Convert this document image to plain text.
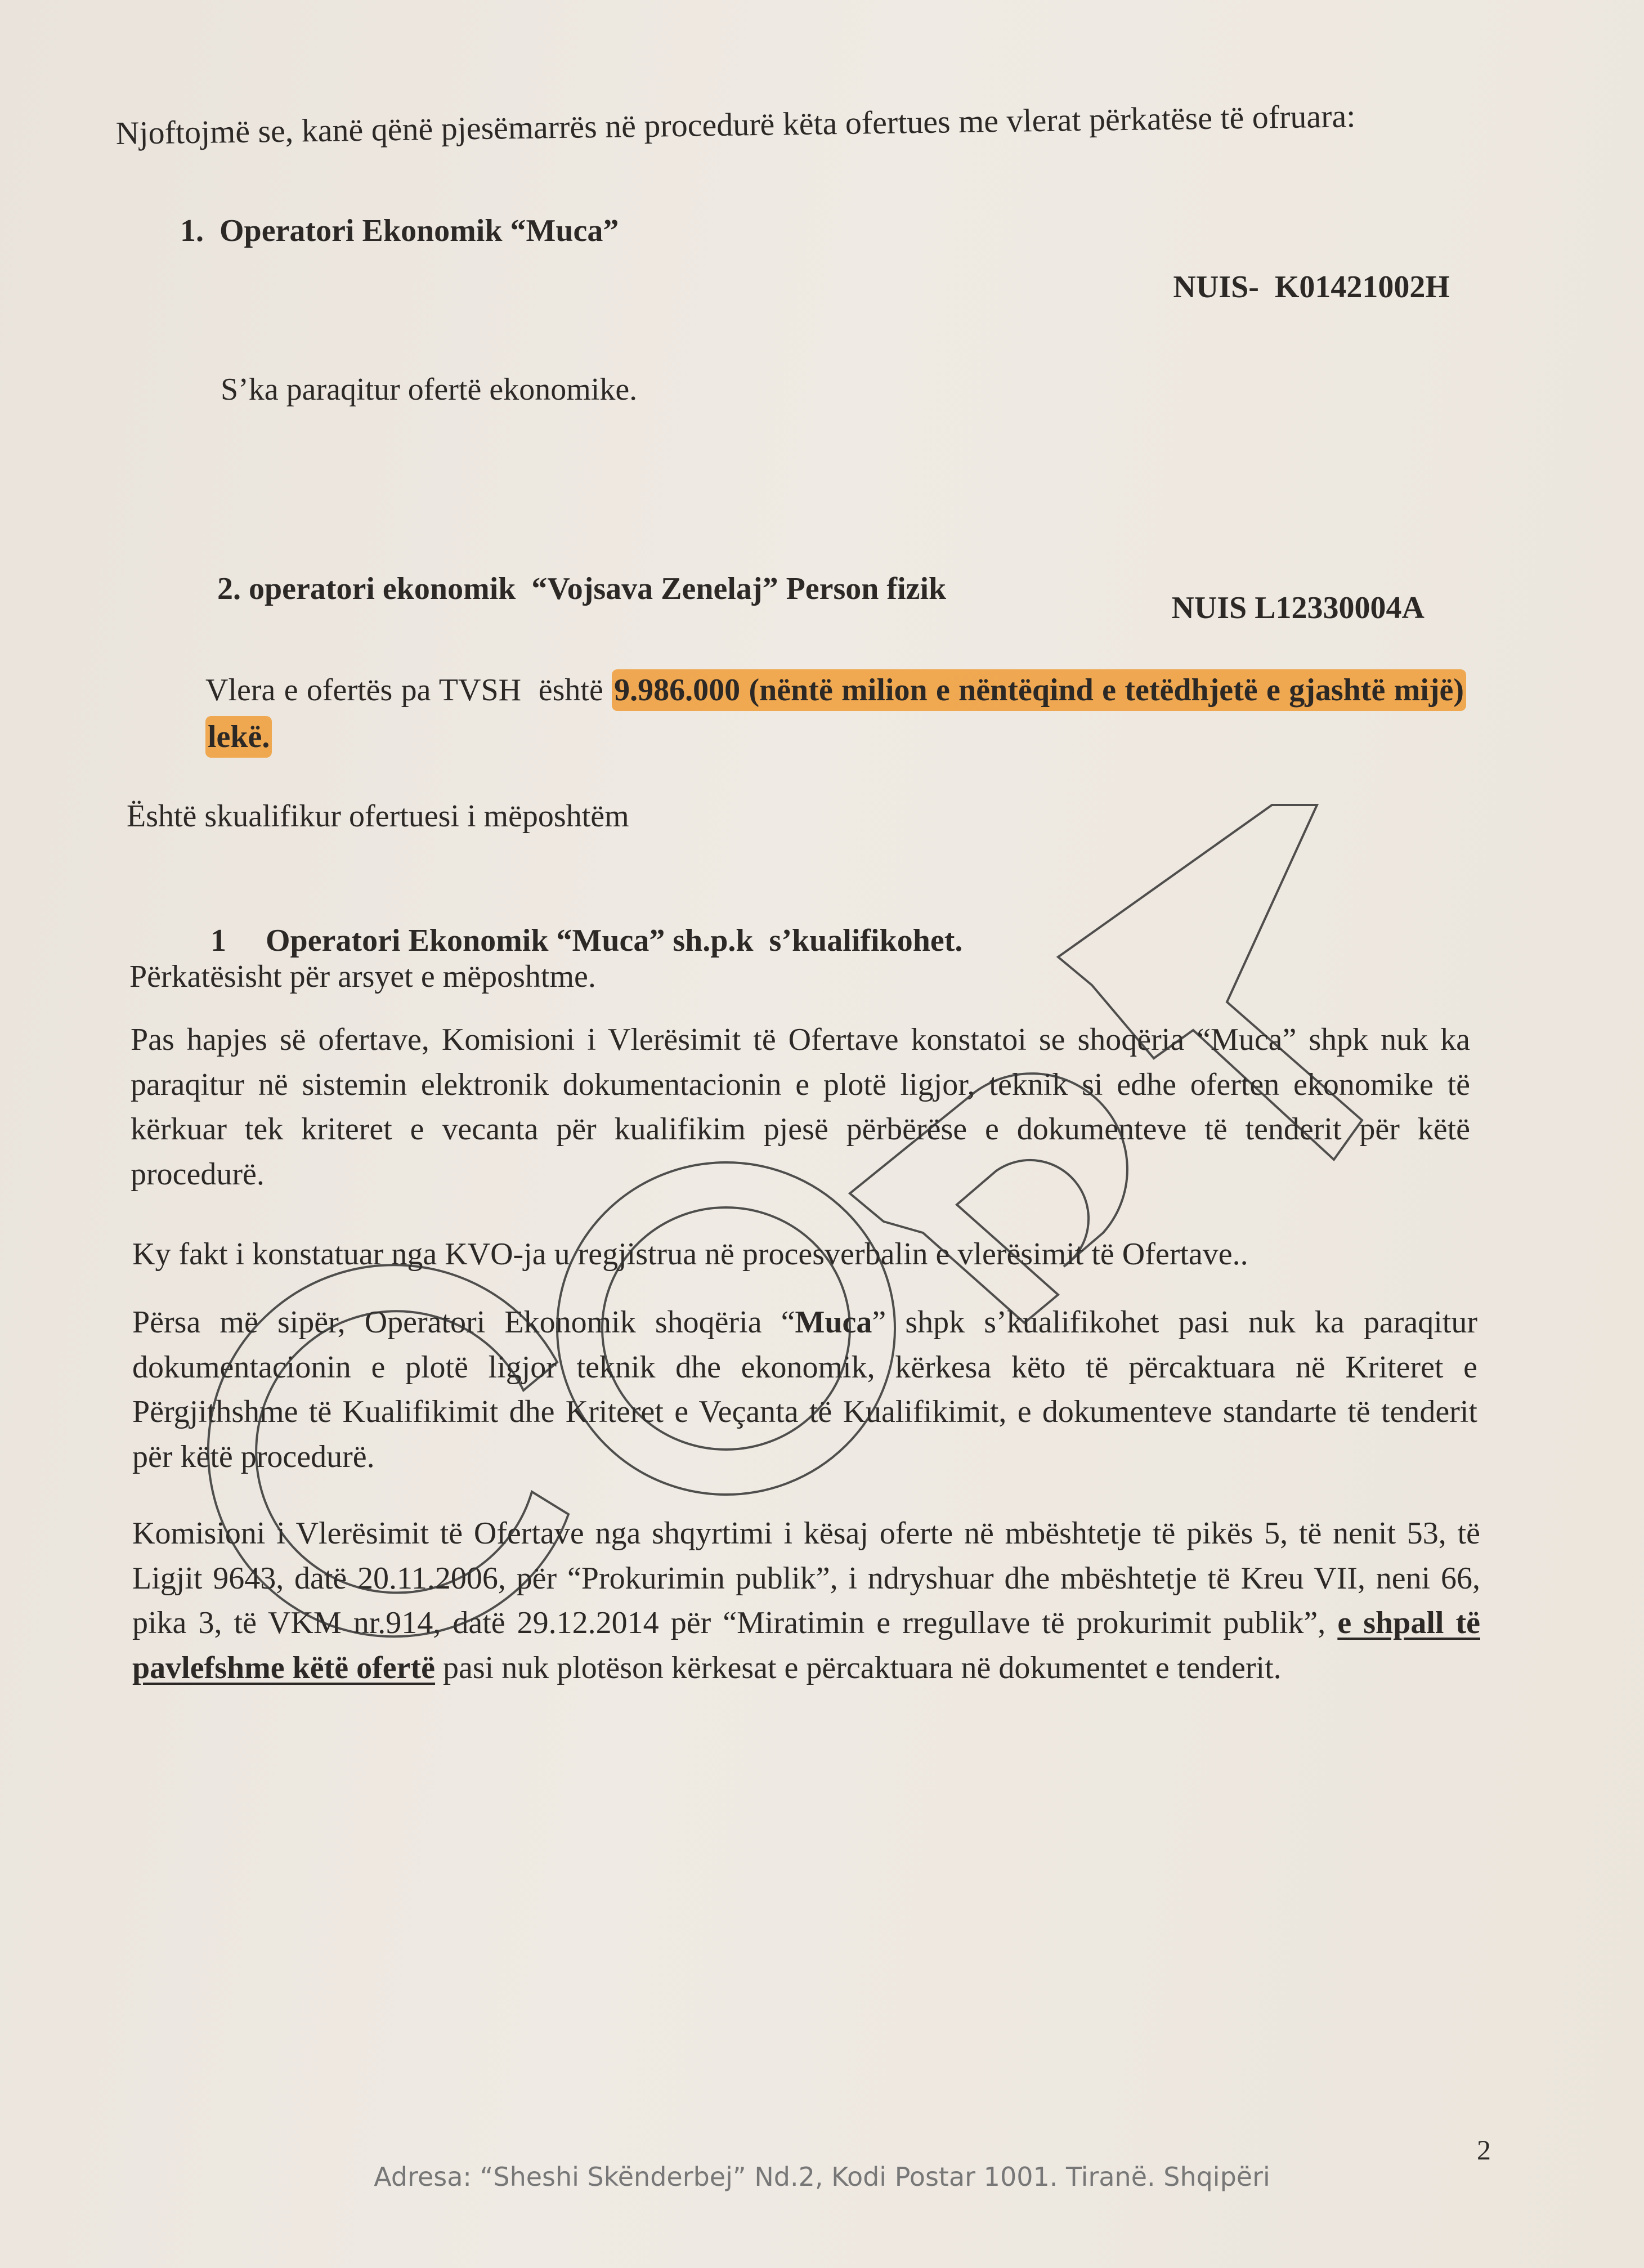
Njoftojmë se, kanë qënë pjesëmarrës në procedurë këta ofertues me vlerat përkatëse të ofruara:
1. Operatori Ekonomik “Muca”
NUIS-  K01421002H
S’ka paraqitur ofertë ekonomike.

2. operatori ekonomik  “Vojsava Zenelaj” Person fizik

NUIS L12330004A
Vlera e ofertës pa TVSH  është 9.986.000 (nëntë milion e nëntëqind e tetëdhjetë e gjashtë mijë) lekë.
Është skualifikur ofertuesi i mëposhtëm

1 Operatori Ekonomik “Muca” sh.p.k  s’kualifikohet.

Përkatësisht për arsyet e mëposhtme.
Pas hapjes së ofertave, Komisioni i Vlerësimit të Ofertave konstatoi se shoqëria “Muca” shpk nuk ka paraqitur në sistemin elektronik dokumentacionin e plotë ligjor, teknik si edhe oferten ekonomike të kërkuar tek kriteret e vecanta për kualifikim pjesë përbërëse e dokumenteve të tenderit për këtë procedurë.
Ky fakt i konstatuar nga KVO-ja u regjistrua në procesverbalin e vlerësimit të Ofertave..
Përsa më sipër, Operatori Ekonomik shoqëria “Muca” shpk s’kualifikohet pasi nuk ka paraqitur dokumentacionin e plotë ligjor teknik dhe ekonomik, kërkesa këto të përcaktuara në Kriteret e Përgjithshme të Kualifikimit dhe Kriteret e Veçanta të Kualifikimit, e dokumenteve standarte të tenderit për këtë procedurë.
Komisioni i Vlerësimit të Ofertave nga shqyrtimi i kësaj oferte në mbështetje të pikës 5, të nenit 53, të Ligjit 9643, datë 20.11.2006, për “Prokurimin publik”, i ndryshuar dhe mbështetje të Kreu VII, neni 66, pika 3, të VKM nr.914, datë 29.12.2014 për “Miratimin e rregullave të prokurimit publik”, e shpall të pavlefshme këtë ofertë pasi nuk plotëson kërkesat e përcaktuara në dokumentet e tenderit.
2
Adresa: “Sheshi Skënderbej” Nd.2, Kodi Postar 1001. Tiranë. Shqipëri
